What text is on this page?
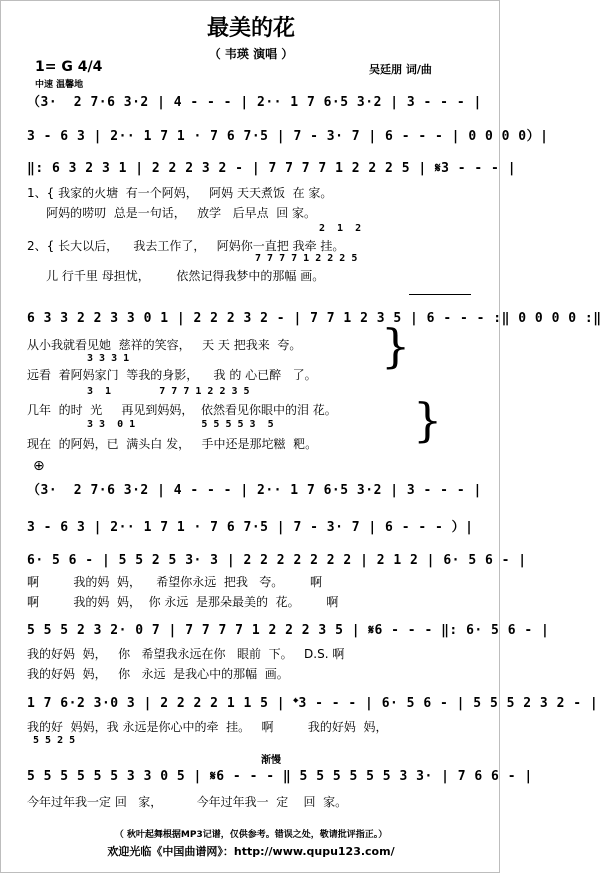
最美的花
（ 韦瑛 演唱 ）
1= G 4/4
中速 温馨地
吴廷朋 词/曲
（3·  2 7·6 3·2 | 4 - - - | 2·· 1 7 6·5 3·2 | 3 - - - |
3 - 6 3 | 2·· 1 7 1 · 7 6 7·5 | 7 - 3· 7 | 6 - - - | 0 0 0 0）|
‖: 6 3 2 3 1 | 2 2 2 3 2 - | 7 7 7 7 1 2 2 2 5 | 𝄋3 - - - |
1、{ 我家的火塘  有一个阿妈，   阿妈 天天煮饭  在 家。
阿妈的唠叨  总是一句话，   放学   后早点  回 家。
2  1  2
2、{ 长大以后，    我去工作了，   阿妈你一直把 我牵 挂。
7 7 7 7 1 2 2 2 5
儿 行千里 母担忧，       依然记得我梦中的那幅 画。
6 3 3 2 2 3 3 0 1 | 2 2 2 3 2 - | 7 7 1 2 3 5 | 6 - - - :‖ 0 0 0 0 :‖
从小我就看见她  慈祥的笑容，   天 天 把我来  夸。
3 3 3 1
远看  着阿妈家门  等我的身影，    我 的 心已醉   了。
}
3  1        7 7 7 1 2 2 3 5
几年  的时  光     再见到妈妈，  依然看见你眼中的泪 花。
3 3  0 1           5 5 5 5 3  5
现在  的阿妈，已  满头白 发，   手中还是那坨糍  粑。 }
⊕
（3·  2 7·6 3·2 | 4 - - - | 2·· 1 7 6·5 3·2 | 3 - - - |
3 - 6 3 | 2·· 1 7 1 · 7 6 7·5 | 7 - 3· 7 | 6 - - - ）|
6· 5 6 - | 5 5 2 5 3· 3 | 2 2 2 2 2 2 2 | 2 1 2 | 6· 5 6 - |
啊         我的妈  妈，    希望你永远  把我   夸。       啊
啊         我的妈  妈，  你 永远  是那朵最美的  花。       啊
5 5 5 2 3 2· 0 7 | 7 7 7 7 1 2 2 2 3 5 | 𝄋6 - - - ‖: 6· 5 6 - |
我的好妈  妈，   你   希望我永远在你   眼前  下。   D.S. 啊
我的好妈  妈，   你   永远  是我心中的那幅  画。
1 7 6·2 3·0 3 | 2 2 2 2 1 1 5 | 𝄌3 - - - | 6· 5 6 - | 5 5 5 2 3 2 - |
我的好  妈妈，我 永远是你心中的牵  挂。   啊         我的好妈  妈，
5 5 2 5
渐慢
5 5 5 5 5 5 3 3 0 5 | 𝄋6 - - - ‖ 5 5 5 5 5 5 3 3· | 7 6 6 - |
今年过年我一定 回   家，         今年过年我一  定    回  家。
（ 秋叶起舞根据MP3记谱，仅供参考。错误之处，敬请批评指正。）
欢迎光临《中国曲谱网》：http://www.qupu123.com/
